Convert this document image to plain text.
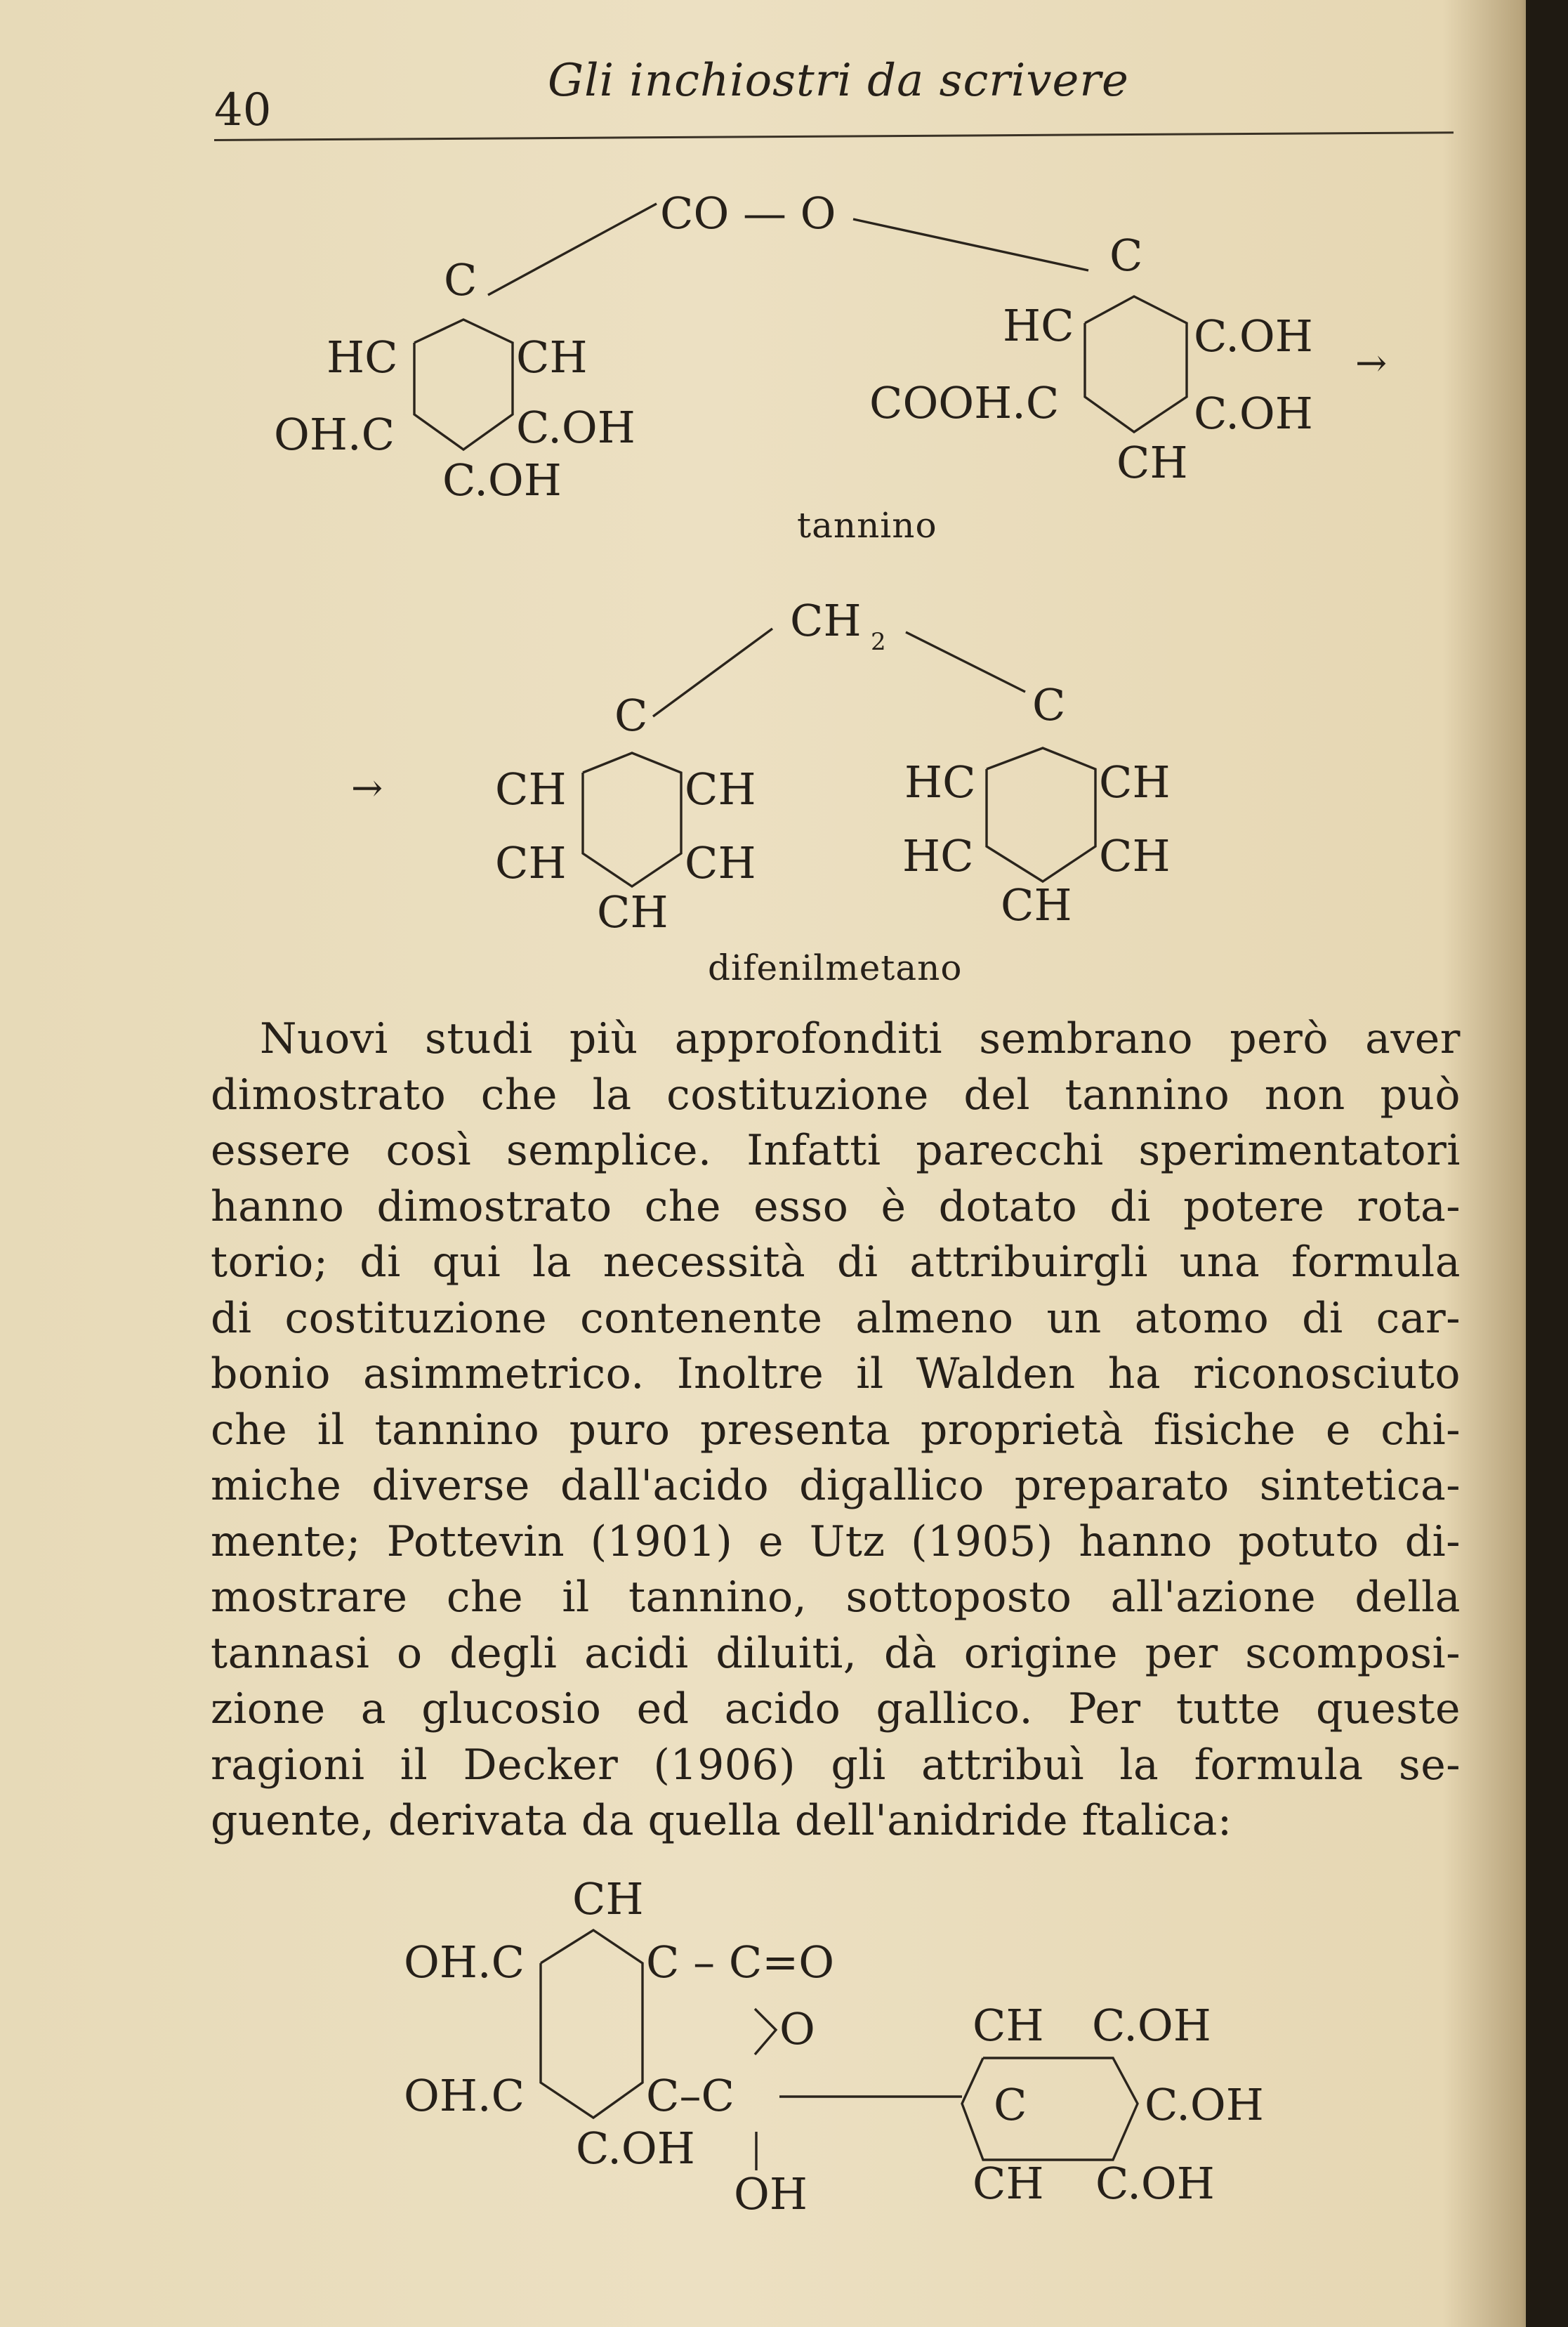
40
Gli inchiostri da scrivere
CO — O
C
HC	CH
OH.C	C.OH
C.OH
C
HC	C.OH
COOH.C	C.OH
CH
→
tannino
CH 2
→
C
CH	CH
CH	CH
CH
C
HC	CH
HC	CH
CH
difenilmetano
Nuovi studi più approfonditi sembrano però aver
dimostrato che la costituzione del tannino non può
essere così semplice. Infatti parecchi sperimentatori
hanno dimostrato che esso è dotato di potere rota-
torio; di qui la necessità di attribuirgli una formula
di costituzione contenente almeno un atomo di car-
bonio asimmetrico. Inoltre il Walden ha riconosciuto
che il tannino puro presenta proprietà fisiche e chi-
miche diverse dall'acido digallico preparato sintetica-
mente; Pottevin (1901) e Utz (1905) hanno potuto di-
mostrare che il tannino, sottoposto all'azione della
tannasi o degli acidi diluiti, dà origine per scomposi-
zione a glucosio ed acido gallico. Per tutte queste
ragioni il Decker (1906) gli attribuì la formula se-
guente, derivata da quella dell'anidride ftalica:
CH
OH.C	C – C=O
O
OH.C	C–C
C.OH
OH
CH C.OH
C	C.OH
CH C.OH
